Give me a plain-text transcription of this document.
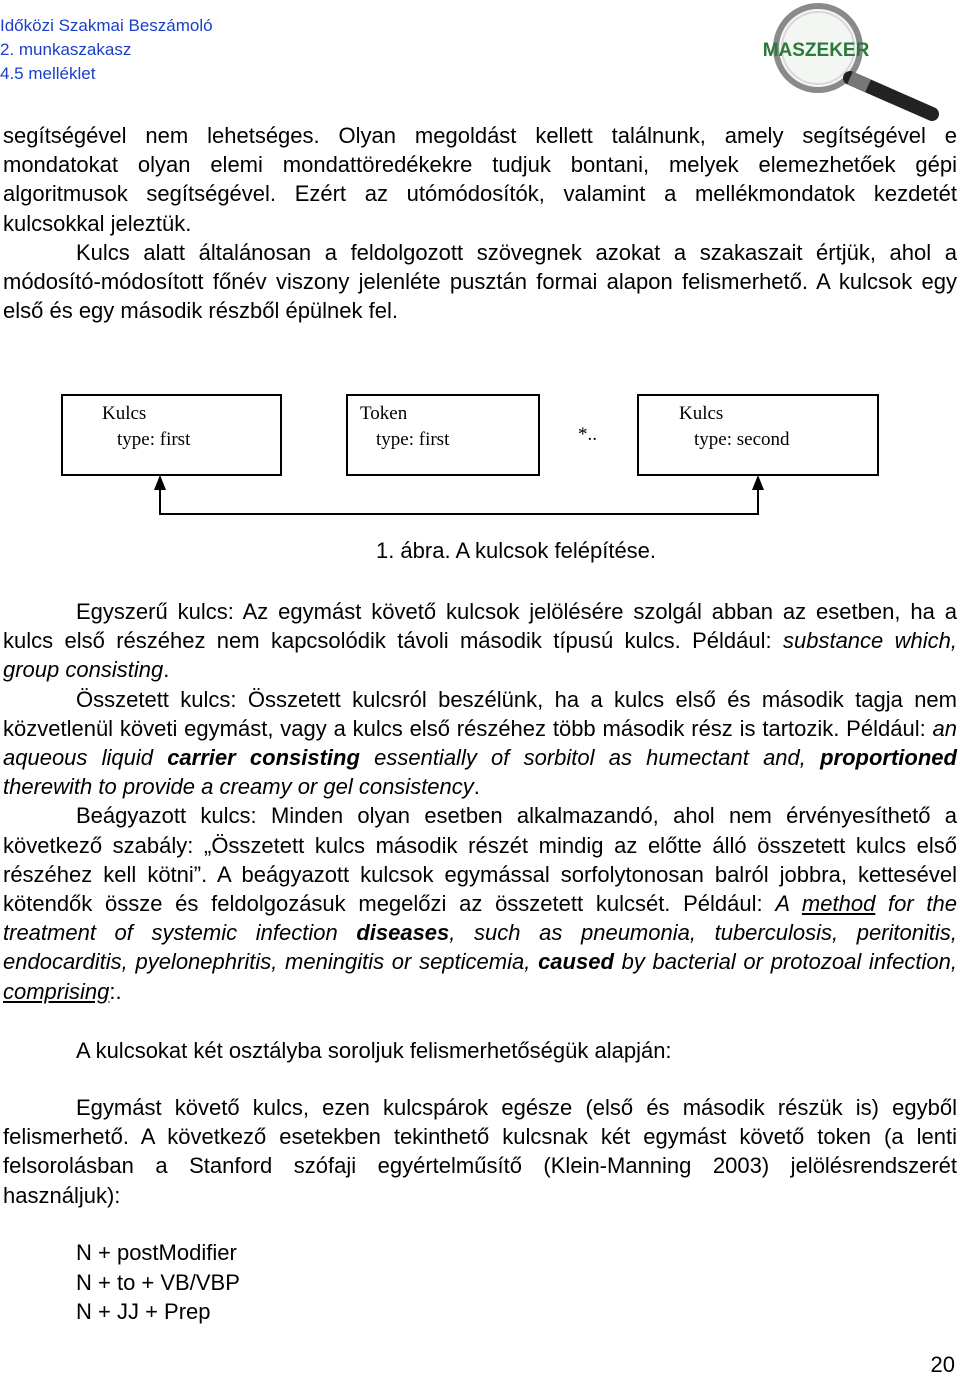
Időközi Szakmai Beszámoló
2. munkaszakasz
4.5 melléklet
MASZEKER

segítségével nem lehetséges. Olyan megoldást kellett találnunk, amely segítségével e mondatokat olyan elemi mondattöredékekre tudjuk bontani, melyek elemezhetőek gépi algoritmusok segítségével. Ezért az utómódosítók, valamint a mellékmondatok kezdetét kulcsokkal jeleztük.

Kulcs alatt általánosan a feldolgozott szövegnek azokat a szakaszait értjük, ahol a módosító-módosított főnév viszony jelenléte pusztán formai alapon felismerhető. A kulcsok egy első és egy második részből épülnek fel.

Kulcs
type: first
Token
type: first	*..
Kulcs
type: second
1. ábra. A kulcsok felépítése.

Egyszerű kulcs: Az egymást követő kulcsok jelölésére szolgál abban az esetben, ha a kulcs első részéhez nem kapcsolódik távoli második típusú kulcs. Például: substance which, group consisting.

Összetett kulcs: Összetett kulcsról beszélünk, ha a kulcs első és második tagja nem közvetlenül követi egymást, vagy a kulcs első részéhez több második rész is tartozik. Például: an aqueous liquid carrier consisting essentially of sorbitol as humectant and, proportioned therewith to provide a creamy or gel consistency.

Beágyazott kulcs: Minden olyan esetben alkalmazandó, ahol nem érvényesíthető a következő szabály: „Összetett kulcs második részét mindig az előtte álló összetett kulcs első részéhez kell kötni”. A beágyazott kulcsok egymással sorfolytonosan balról jobbra, kettesével kötendők össze és feldolgozásuk megelőzi az összetett kulcsét. Például: A method for the treatment of systemic infection diseases, such as pneumonia, tuberculosis, peritonitis, endocarditis, pyelonephritis, meningitis or septicemia, caused by bacterial or protozoal infection, comprising:.

A kulcsokat két osztályba soroljuk felismerhetőségük alapján:

Egymást követő kulcs, ezen kulcspárok egésze (első és második részük is) egyből felismerhető. A következő esetekben tekinthető kulcsnak két egymást követő token (a lenti felsorolásban a Stanford szófaji egyértelműsítő (Klein-Manning 2003) jelölésrendszerét használjuk):

N + postModifier
N + to + VB/VBP
N + JJ + Prep
20
